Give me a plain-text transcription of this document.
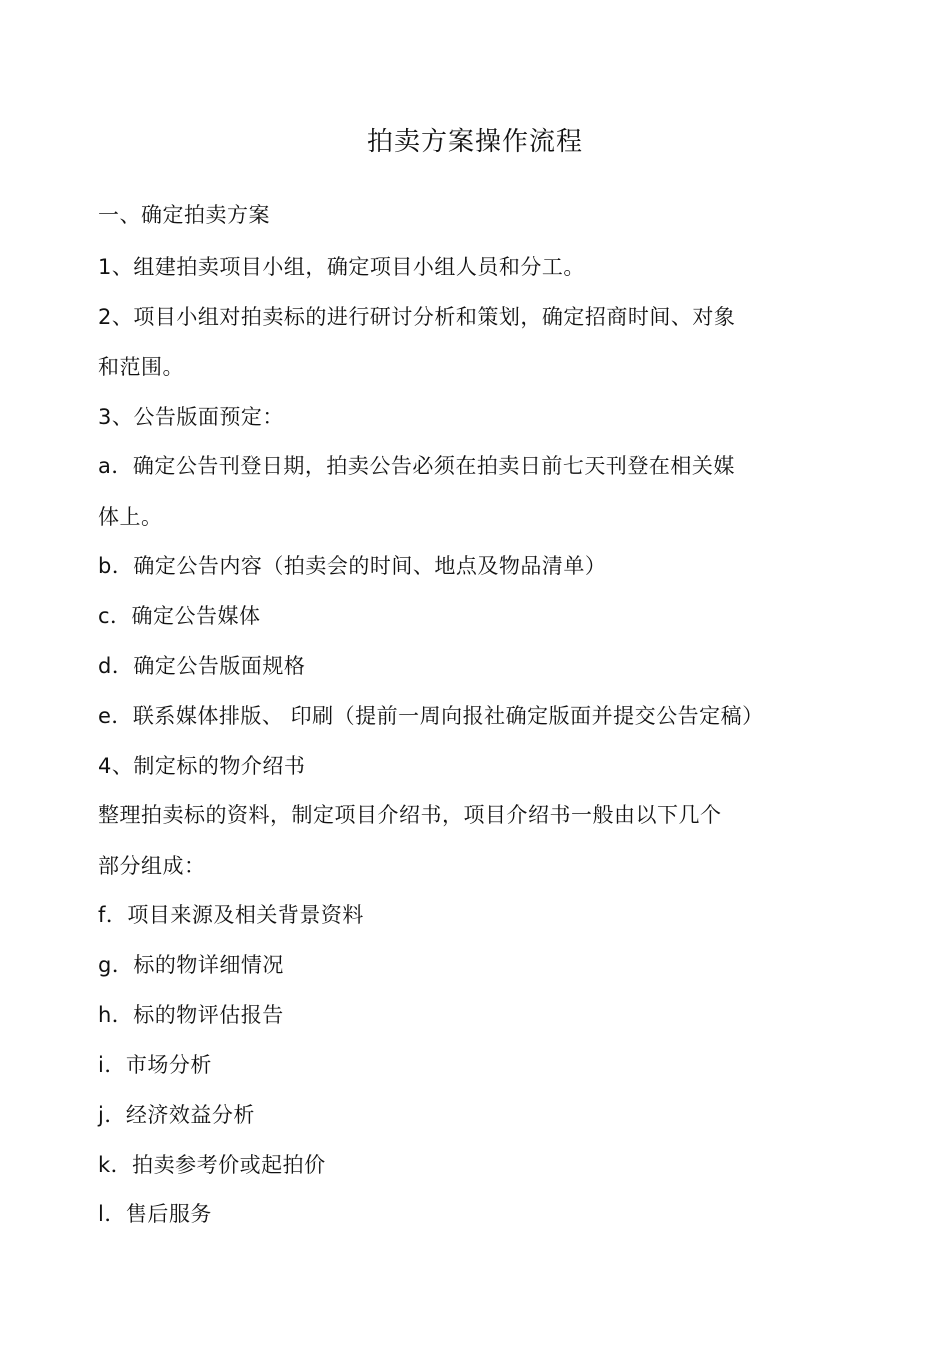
拍卖方案操作流程
一、确定拍卖方案
1、组建拍卖项目小组，确定项目小组人员和分工。
2、项目小组对拍卖标的进行研讨分析和策划，确定招商时间、对象
和范围。
3、公告版面预定：
a．确定公告刊登日期，拍卖公告必须在拍卖日前七天刊登在相关媒
体上。
b．确定公告内容（拍卖会的时间、地点及物品清单）
c．确定公告媒体
d．确定公告版面规格
e．联系媒体排版、 印刷（提前一周向报社确定版面并提交公告定稿）
4、制定标的物介绍书
整理拍卖标的资料，制定项目介绍书，项目介绍书一般由以下几个
部分组成：
f．项目来源及相关背景资料
g．标的物详细情况
h．标的物评估报告
i．市场分析
j．经济效益分析
k．拍卖参考价或起拍价
l．售后服务
